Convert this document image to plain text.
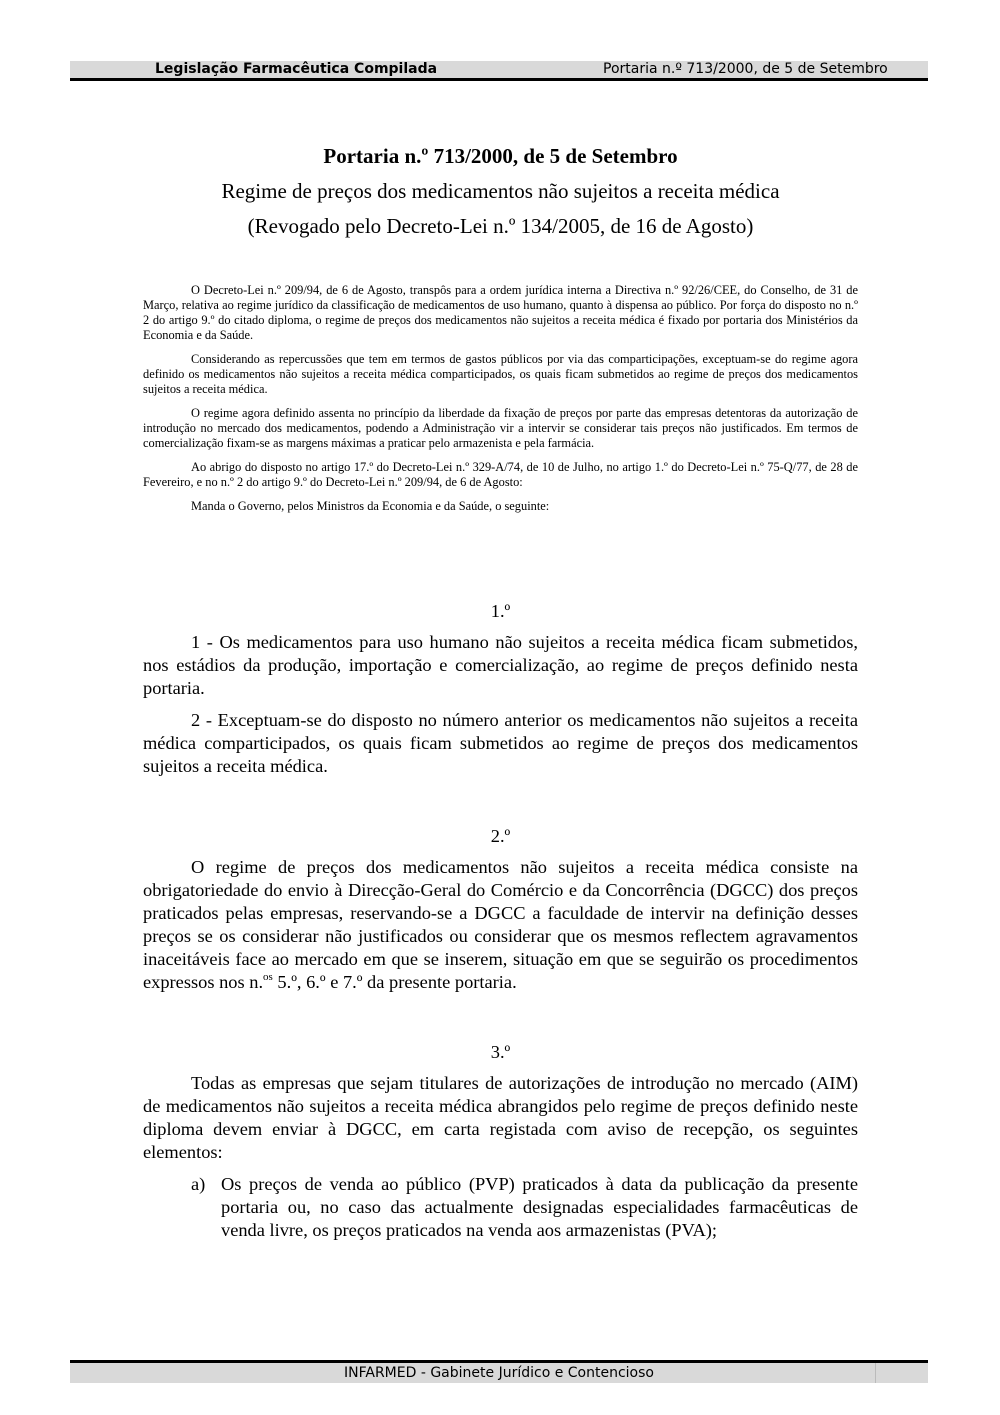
Legislação Farmacêutica Compilada	Portaria n.º 713/2000, de 5 de Setembro

Portaria n.º 713/2000, de 5 de Setembro

Regime de preços dos medicamentos não sujeitos a receita médica

(Revogado pelo Decreto-Lei n.º 134/2005, de 16 de Agosto)

O Decreto-Lei n.º 209/94, de 6 de Agosto, transpôs para a ordem jurídica interna a Directiva n.º 92/26/CEE, do Conselho, de 31 de Março, relativa ao regime jurídico da classificação de medicamentos de uso humano, quanto à dispensa ao público. Por força do disposto no n.º 2 do artigo 9.º do citado diploma, o regime de preços dos medicamentos não sujeitos a receita médica é fixado por portaria dos Ministérios da Economia e da Saúde.

Considerando as repercussões que tem em termos de gastos públicos por via das comparticipações, exceptuam-se do regime agora definido os medicamentos não sujeitos a receita médica comparticipados, os quais ficam submetidos ao regime de preços dos medicamentos sujeitos a receita médica.

O regime agora definido assenta no princípio da liberdade da fixação de preços por parte das empresas detentoras da autorização de introdução no mercado dos medicamentos, podendo a Administração vir a intervir se considerar tais preços não justificados. Em termos de comercialização fixam-se as margens máximas a praticar pelo armazenista e pela farmácia.

Ao abrigo do disposto no artigo 17.º do Decreto-Lei n.º 329-A/74, de 10 de Julho, no artigo 1.º do Decreto-Lei n.º 75-Q/77, de 28 de Fevereiro, e no n.º 2 do artigo 9.º do Decreto-Lei n.º 209/94, de 6 de Agosto:

Manda o Governo, pelos Ministros da Economia e da Saúde, o seguinte:

1.º

1 - Os medicamentos para uso humano não sujeitos a receita médica ficam submetidos, nos estádios da produção, importação e comercialização, ao regime de preços definido nesta portaria.

2 - Exceptuam-se do disposto no número anterior os medicamentos não sujeitos a receita médica comparticipados, os quais ficam submetidos ao regime de preços dos medicamentos sujeitos a receita médica.

2.º

O regime de preços dos medicamentos não sujeitos a receita médica consiste na obrigatoriedade do envio à Direcção-Geral do Comércio e da Concorrência (DGCC) dos preços praticados pelas empresas, reservando-se a DGCC a faculdade de intervir na definição desses preços se os considerar não justificados ou considerar que os mesmos reflectem agravamentos inaceitáveis face ao mercado em que se inserem, situação em que se seguirão os procedimentos expressos nos n.$^{os}$ 5.º, 6.º e 7.º da presente portaria.

3.º

Todas as empresas que sejam titulares de autorizações de introdução no mercado (AIM) de medicamentos não sujeitos a receita médica abrangidos pelo regime de preços definido neste diploma devem enviar à DGCC, em carta registada com aviso de recepção, os seguintes elementos:

a) Os preços de venda ao público (PVP) praticados à data da publicação da presente portaria ou, no caso das actualmente designadas especialidades farmacêuticas de venda livre, os preços praticados na venda aos armazenistas (PVA);
INFARMED - Gabinete Jurídico e Contencioso
